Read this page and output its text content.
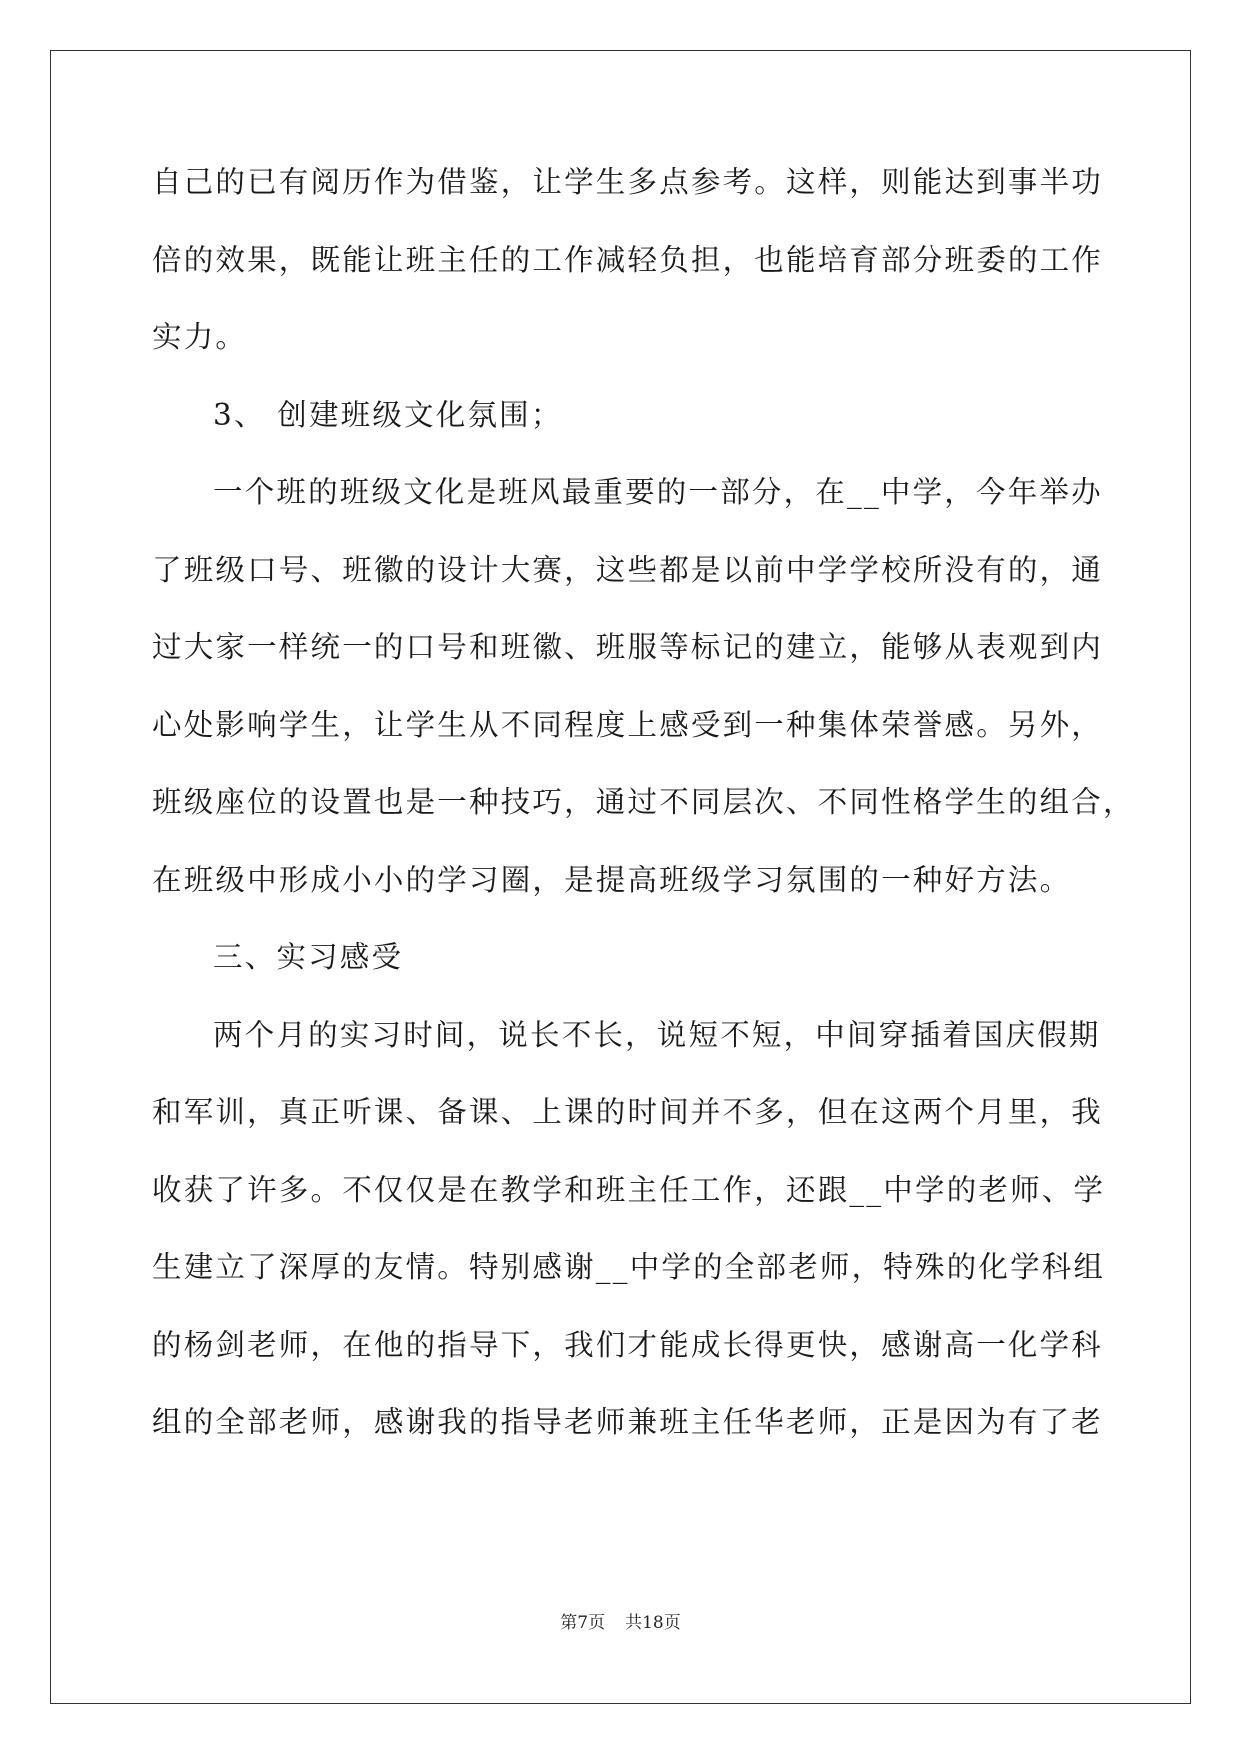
自己的已有阅历作为借鉴，让学生多点参考。这样，则能达到事半功
倍的效果，既能让班主任的工作减轻负担，也能培育部分班委的工作
实力。
3、 创建班级文化氛围；
一个班的班级文化是班风最重要的一部分，在__中学，今年举办
了班级口号、班徽的设计大赛，这些都是以前中学学校所没有的，通
过大家一样统一的口号和班徽、班服等标记的建立，能够从表观到内
心处影响学生，让学生从不同程度上感受到一种集体荣誉感。另外，
班级座位的设置也是一种技巧，通过不同层次、不同性格学生的组合，
在班级中形成小小的学习圈，是提高班级学习氛围的一种好方法。
三、实习感受
两个月的实习时间，说长不长，说短不短，中间穿插着国庆假期
和军训，真正听课、备课、上课的时间并不多，但在这两个月里，我
收获了许多。不仅仅是在教学和班主任工作，还跟__中学的老师、学
生建立了深厚的友情。特别感谢__中学的全部老师，特殊的化学科组
的杨剑老师，在他的指导下，我们才能成长得更快，感谢高一化学科
组的全部老师，感谢我的指导老师兼班主任华老师，正是因为有了老
第7页 共18页
